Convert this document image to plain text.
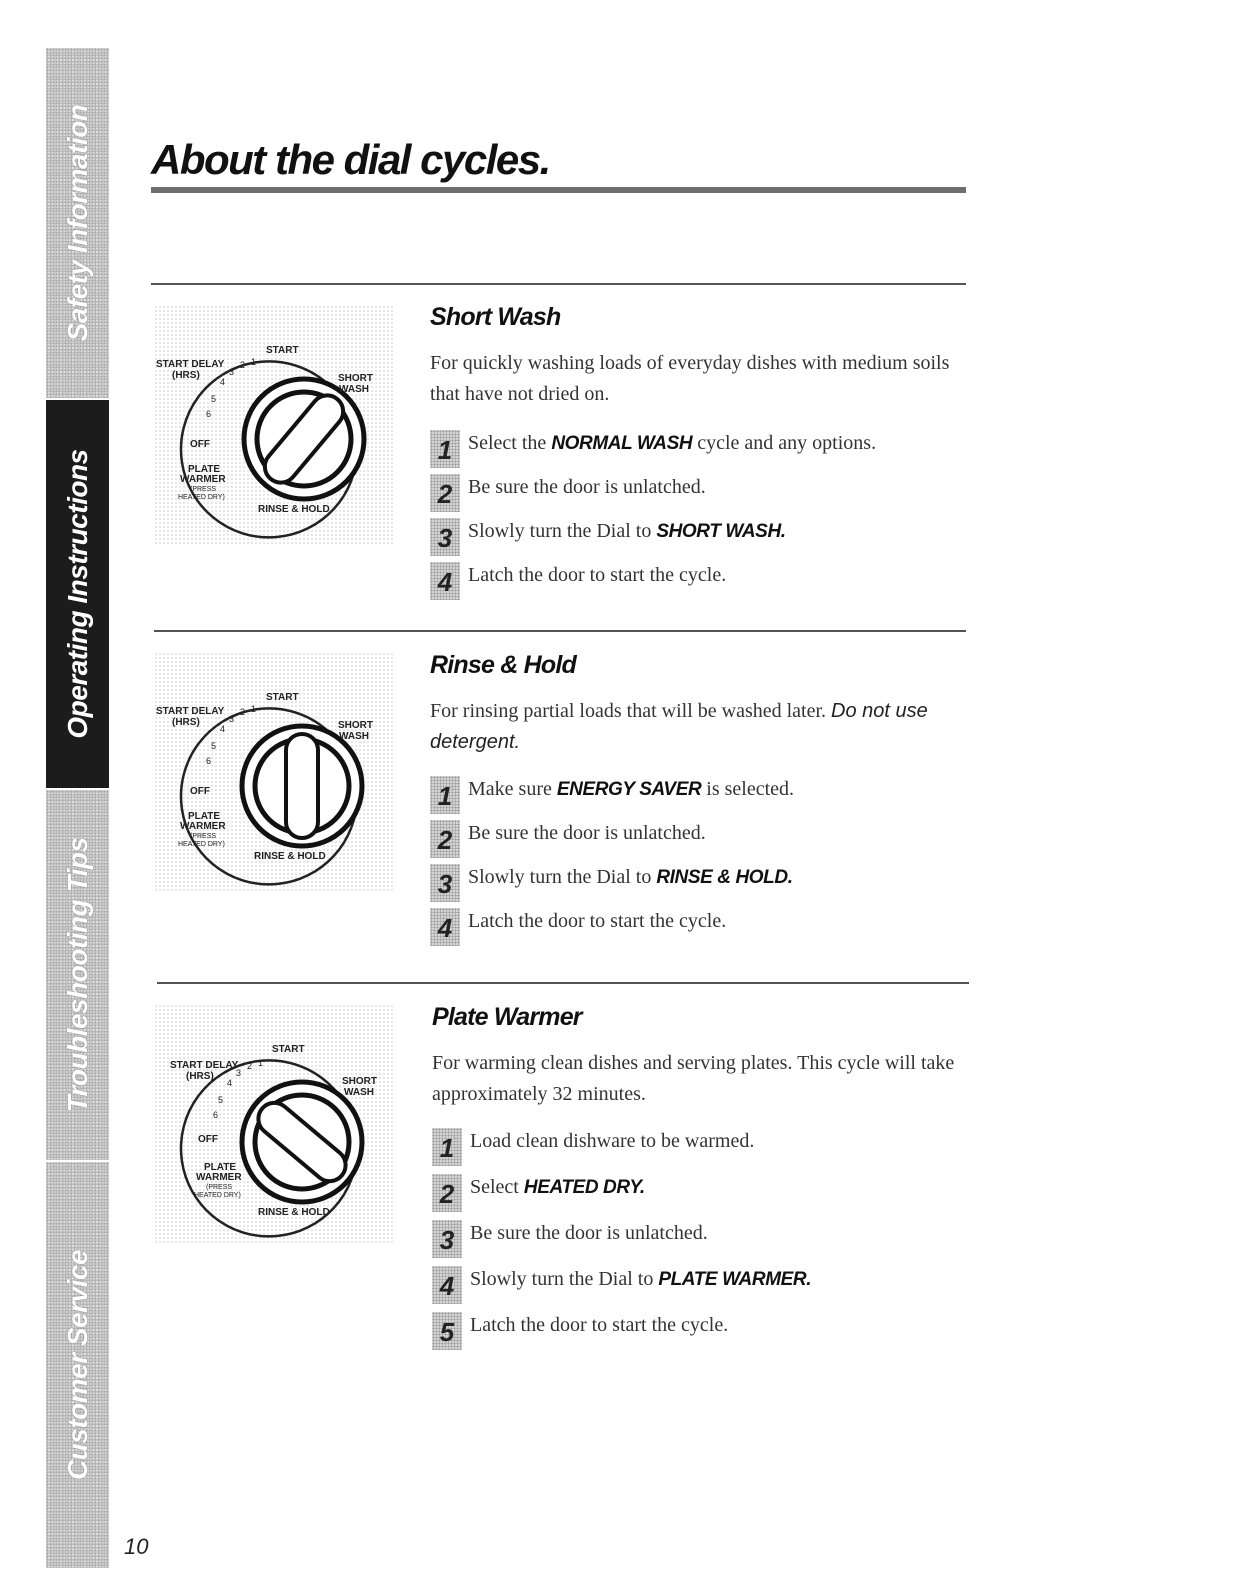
Safety Information
Operating Instructions
Troubleshooting Tips
Customer Service
About the dial cycles.
START
START DELAY
(HRS)	SHORT
WASH
OFF
PLATE
WARMER
(PRESS
HEATED DRY)
RINSE & HOLD
1
2
3
4
5
6
Short Wash

For quickly washing loads of everyday dishes with medium soils that have not dried on.

1 Select the NORMAL WASH cycle and any options.
2 Be sure the door is unlatched.
3 Slowly turn the Dial to SHORT WASH.
4 Latch the door to start the cycle.
START
START DELAY
(HRS)	SHORT
WASH
OFF
PLATE
WARMER
(PRESS
HEATED DRY)
RINSE & HOLD
1
2
3
4
5
6
Rinse & Hold

For rinsing partial loads that will be washed later. Do not use detergent.

1 Make sure ENERGY SAVER is selected.
2 Be sure the door is unlatched.
3 Slowly turn the Dial to RINSE & HOLD.
4 Latch the door to start the cycle.
START
START DELAY
(HRS)	SHORT
WASH
OFF
PLATE
WARMER
(PRESS
HEATED DRY)
RINSE & HOLD
1
2
3
4
5
6
Plate Warmer

For warming clean dishes and serving plates. This cycle will take approximately 32 minutes.

1 Load clean dishware to be warmed.
2 Select HEATED DRY.
3 Be sure the door is unlatched.
4 Slowly turn the Dial to PLATE WARMER.
5 Latch the door to start the cycle.
10
